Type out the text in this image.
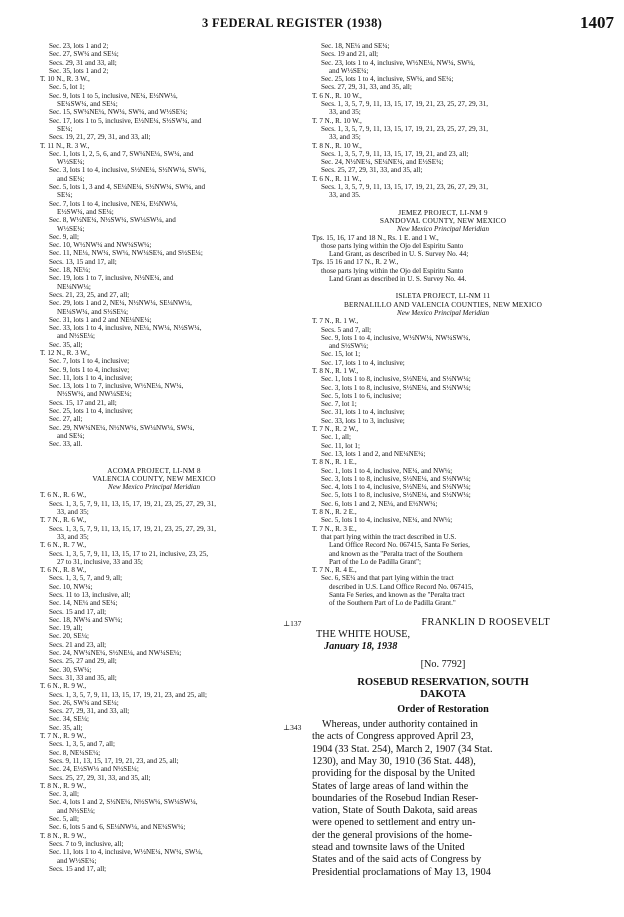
3 FEDERAL REGISTER (1938)	1407
Sec. 23, lots 1 and 2;
Sec. 27, SW¼ and SE¼;
Secs. 29, 31 and 33, all;
Sec. 35, lots 1 and 2;
T. 10 N., R. 3 W.,
Sec. 5, lot 1;
Sec. 9, lots 1 to 5, inclusive, NE¼, E½NW¼,
SE¼SW¼, and SE¼;
Sec. 15, SW¼NE¼, NW¼, SW¼, and W½SE¼;
Sec. 17, lots 1 to 5, inclusive, E½NE¼, S½SW¼, and
SE¼;
Secs. 19, 21, 27, 29, 31, and 33, all;
T. 11 N., R. 3 W.,
Sec. 1, lots 1, 2, 5, 6, and 7, SW¼NE¼, SW¼, and
W½SE¼;
Sec. 3, lots 1 to 4, inclusive, S½NE¼, S½NW¼, SW¼,
and SE¼;
Sec. 5, lots 1, 3 and 4, SE¼NE¼, S½NW¼, SW¼, and
SE¼;
Sec. 7, lots 1 to 4, inclusive, NE¼, E½NW¼,
E½SW¼, and SE¼;
Sec. 8, W½NE¼, N½SW¼, SW¼SW¼, and
W½SE¼;
Sec. 9, all;
Sec. 10, W½NW¼ and NW¼SW¼;
Sec. 11, NE¼, NW¼, SW¼, NW¼SE¼, and S½SE¼;
Secs. 13, 15 and 17, all;
Sec. 18, NE¼;
Sec. 19, lots 1 to 7, inclusive, N½NE¼, and
NE¼NW¼;
Secs. 21, 23, 25, and 27, all;
Sec. 29, lots 1 and 2, NE¼, N½NW¼, SE¼NW¼,
NE¼SW¼, and S½SE¼;
Sec. 31, lots 1 and 2 and NE¼NE¼;
Sec. 33, lots 1 to 4, inclusive, NE¼, NW¼, N½SW¼,
and N½SE¼;
Sec. 35, all;
T. 12 N., R. 3 W.,
Sec. 7, lots 1 to 4, inclusive;
Sec. 9, lots 1 to 4, inclusive;
Sec. 11, lots 1 to 4, inclusive;
Sec. 13, lots 1 to 7, inclusive, W½NE¼, NW¼,
N½SW¼, and NW¼SE¼;
Secs. 15, 17 and 21, all;
Sec. 25, lots 1 to 4, inclusive;
Sec. 27, all;
Sec. 29, NW¼NE¼, N½NW¼, SW¼NW¼, SW¼,
and SE¼;
Sec. 33, all.
ACOMA PROJECT, LI-NM 8
VALENCIA COUNTY, NEW MEXICO
New Mexico Principal Meridian
T. 6 N., R. 6 W.,
Secs. 1, 3, 5, 7, 9, 11, 13, 15, 17, 19, 21, 23, 25, 27, 29, 31,
33, and 35;
T. 7 N., R. 6 W.,
Secs. 1, 3, 5, 7, 9, 11, 13, 15, 17, 19, 21, 23, 25, 27, 29, 31,
33, and 35;
T. 6 N., R. 7 W.,
Secs. 1, 3, 5, 7, 9, 11, 13, 15, 17 to 21, inclusive, 23, 25,
27 to 31, inclusive, 33 and 35;
T. 6 N., R. 8 W.,
Secs. 1, 3, 5, 7, and 9, all;
Sec. 10, NW¼;
Secs. 11 to 13, inclusive, all;
Sec. 14, NE¼ and SE¼;
Secs. 15 and 17, all;
Sec. 18, NW¼ and SW¼;
Sec. 19, all;
Sec. 20, SE¼;
Secs. 21 and 23, all;
Sec. 24, NW¼NE¼, S½NE¼, and NW¼SE¼;
Secs. 25, 27 and 29, all;
Sec. 30, SW¼;
Secs. 31, 33 and 35, all;
T. 6 N., R. 9 W.,
Secs. 1, 3, 5, 7, 9, 11, 13, 15, 17, 19, 21, 23, and 25, all;
Sec. 26, SW¼ and SE¼;
Secs. 27, 29, 31, and 33, all;
Sec. 34, SE¼;
Sec. 35, all;
T. 7 N., R. 9 W.,
Secs. 1, 3, 5, and 7, all;
Sec. 8, NE¼SE¼;
Secs. 9, 11, 13, 15, 17, 19, 21, 23, and 25, all;
Sec. 24, E½SW¼ and N½SE¼;
Secs. 25, 27, 29, 31, 33, and 35, all;
T. 8 N., R. 9 W.,
Sec. 3, all;
Sec. 4, lots 1 and 2, S½NE¼, N½SW¼, SW¼SW¼,
and N½SE¼;
Sec. 5, all;
Sec. 6, lots 5 and 6, SE¼NW¼, and NE¼SW¼;
T. 8 N., R. 9 W.,
Secs. 7 to 9, inclusive, all;
Sec. 11, lots 1 to 4, inclusive, W½NE¼, NW¼, SW¼,
and W½SE¼;
Secs. 15 and 17, all;
⊥137
⊥343
Sec. 18, NE¼ and SE¼;
Secs. 19 and 21, all;
Sec. 23, lots 1 to 4, inclusive, W½NE¼, NW¼, SW¼,
and W½SE¼;
Sec. 25, lots 1 to 4, inclusive, SW¼, and SE¼;
Secs. 27, 29, 31, 33, and 35, all;
T. 6 N., R. 10 W.,
Secs. 1, 3, 5, 7, 9, 11, 13, 15, 17, 19, 21, 23, 25, 27, 29, 31,
33, and 35;
T. 7 N., R. 10 W.,
Secs. 1, 3, 5, 7, 9, 11, 13, 15, 17, 19, 21, 23, 25, 27, 29, 31,
33, and 35;
T. 8 N., R. 10 W.,
Secs. 1, 3, 5, 7, 9, 11, 13, 15, 17, 19, 21, and 23, all;
Sec. 24, N½NE¼, SE¼NE¼, and E½SE¼;
Secs. 25, 27, 29, 31, 33, and 35, all;
T. 6 N., R. 11 W.,
Secs. 1, 3, 5, 7, 9, 11, 13, 15, 17, 19, 21, 23, 26, 27, 29, 31,
33, and 35.
JEMEZ PROJECT, LI-NM 9
SANDOVAL COUNTY, NEW MEXICO
New Mexico Principal Meridian
Tps. 15, 16, 17 and 18 N., Rs. 1 E. and 1 W.,
those parts lying within the Ojo del Espiritu Santo
Land Grant, as described in U. S. Survey No. 44;
Tps. 15 16 and 17 N., R. 2 W.,
those parts lying within the Ojo del Espiritu Santo
Land Grant as described in U. S. Survey No. 44.
ISLETA PROJECT, LI-NM 11
BERNALILLO AND VALENCIA COUNTIES, NEW MEXICO
New Mexico Principal Meridian
T. 7 N., R. 1 W.,
Secs. 5 and 7, all;
Sec. 9, lots 1 to 4, inclusive, W½NW¼, NW¼SW¼,
and S½SW¼;
Sec. 15, lot 1;
Sec. 17, lots 1 to 4, inclusive;
T. 8 N., R. 1 W.,
Sec. 1, lots 1 to 8, inclusive, S½NE¼, and S½NW¼;
Sec. 3, lots 1 to 8, inclusive, S½NE¼, and S½NW¼;
Sec. 5, lots 1 to 6, inclusive;
Sec. 7, lot 1;
Sec. 31, lots 1 to 4, inclusive;
Sec. 33, lots 1 to 3, inclusive;
T. 7 N., R. 2 W.,
Sec. 1, all;
Sec. 11, lot 1;
Sec. 13, lots 1 and 2, and NE¼NE¼;
T. 8 N., R. 1 E.,
Sec. 1, lots 1 to 4, inclusive, NE¼, and NW¼;
Sec. 3, lots 1 to 8, inclusive, S½NE¼, and S½NW¼;
Sec. 4, lots 1 to 4, inclusive, S½NE¼, and S½NW¼;
Sec. 5, lots 1 to 8, inclusive, S½NE¼, and S½NW¼;
Sec. 6, lots 1 and 2, NE¼, and E½NW¼;
T. 8 N., R. 2 E.,
Sec. 5, lots 1 to 4, inclusive, NE¼, and NW¼;
T. 7 N., R. 3 E.,
that part lying within the tract described in U.S.
Land Office Record No. 067415, Santa Fe Series,
and known as the "Peralta tract of the Southern
Part of the Lo de Padilla Grant";
T. 7 N., R. 4 E.,
Sec. 6, SE¼ and that part lying within the tract
described in U.S. Land Office Record No. 067415,
Santa Fe Series, and known as the "Peralta tract
of the Southern Part of Lo de Padilla Grant."
FRANKLIN D ROOSEVELT
THE WHITE HOUSE,
January 18, 1938
[No. 7792]
ROSEBUD RESERVATION, SOUTH
DAKOTA
Order of Restoration
Whereas, under authority contained in
the acts of Congress approved April 23,
1904 (33 Stat. 254), March 2, 1907 (34 Stat.
1230), and May 30, 1910 (36 Stat. 448),
providing for the disposal by the United
States of large areas of land within the
boundaries of the Rosebud Indian Reser-
vation, State of South Dakota, said areas
were opened to settlement and entry un-
der the general provisions of the home-
stead and townsite laws of the United
States and of the said acts of Congress by
Presidential proclamations of May 13, 1904
